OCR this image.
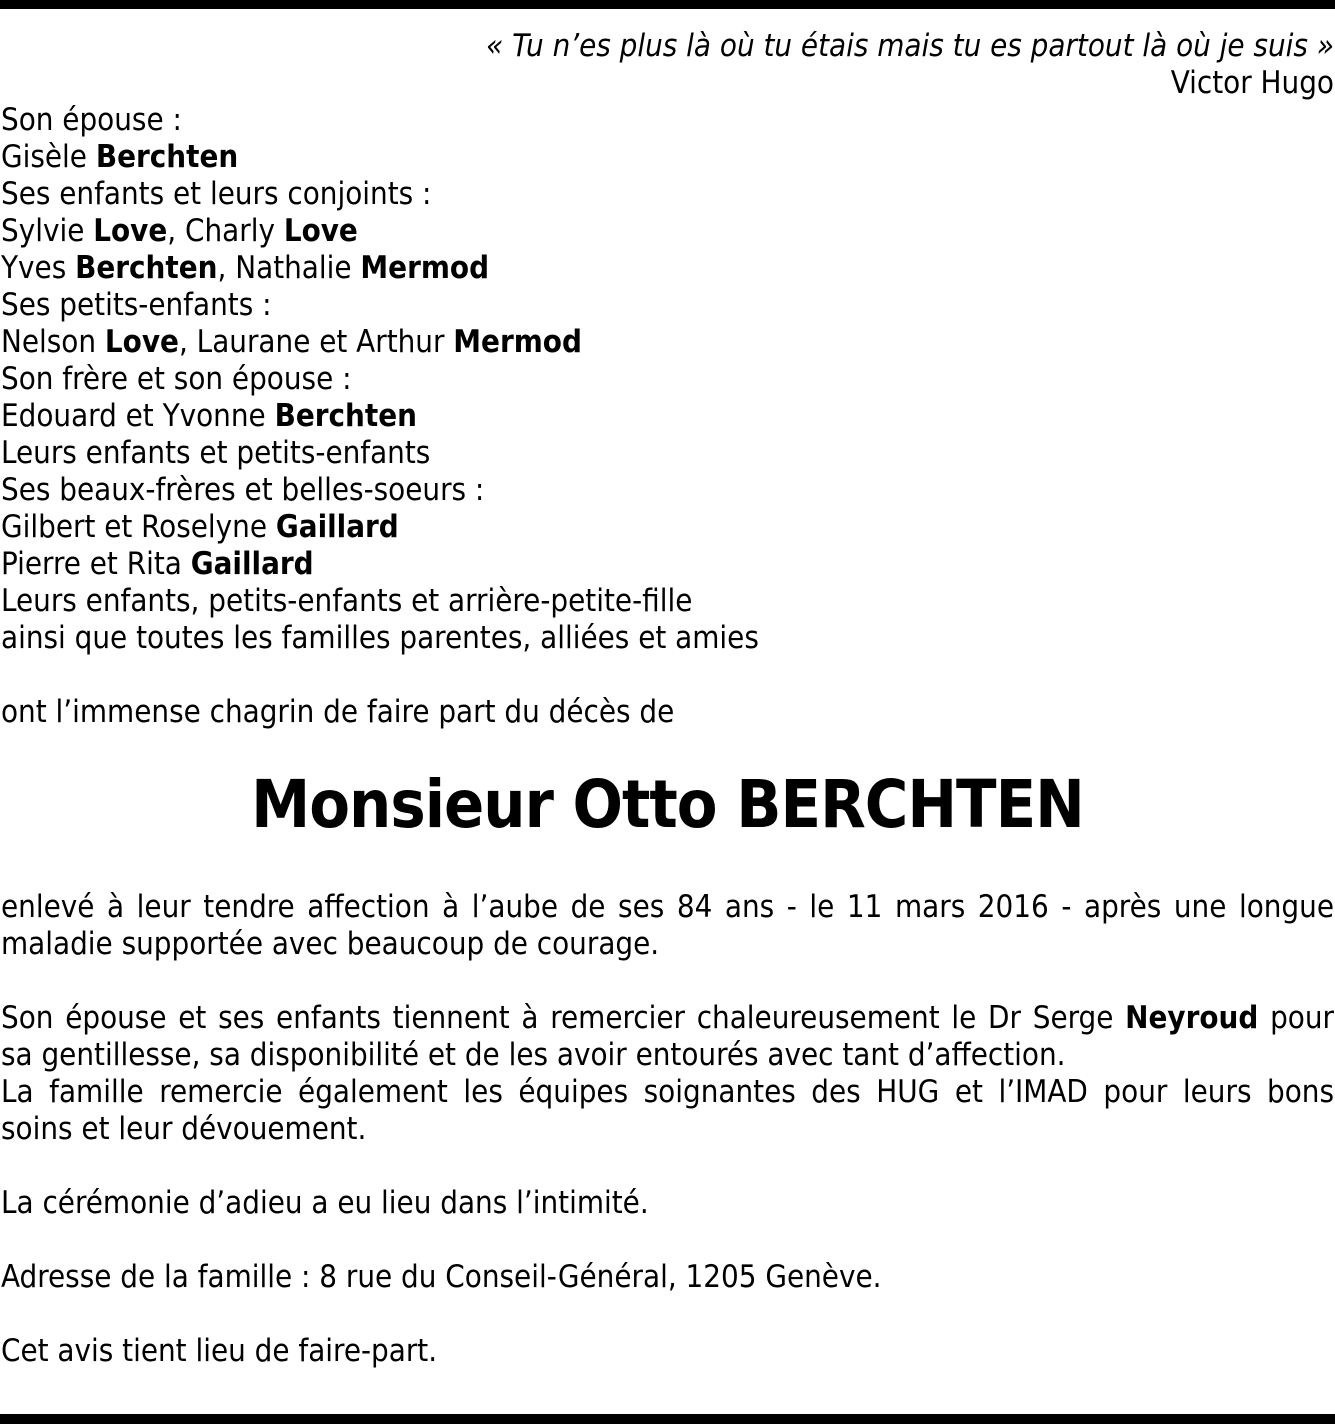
« Tu n’es plus là où tu étais mais tu es partout là où je suis »
Victor Hugo
Son épouse :
Gisèle Berchten
Ses enfants et leurs conjoints :
Sylvie Love, Charly Love
Yves Berchten, Nathalie Mermod
Ses petits-enfants :
Nelson Love, Laurane et Arthur Mermod
Son frère et son épouse :
Edouard et Yvonne Berchten
Leurs enfants et petits-enfants
Ses beaux-frères et belles-soeurs :
Gilbert et Roselyne Gaillard
Pierre et Rita Gaillard
Leurs enfants, petits-enfants et arrière-petite-fille
ainsi que toutes les familles parentes, alliées et amies
ont l’immense chagrin de faire part du décès de
Monsieur Otto BERCHTEN
enlevé à leur tendre affection à l’aube de ses 84 ans - le 11 mars 2016 - après une longue
maladie supportée avec beaucoup de courage.
Son épouse et ses enfants tiennent à remercier chaleureusement le Dr Serge Neyroud pour
sa gentillesse, sa disponibilité et de les avoir entourés avec tant d’affection.
La famille remercie également les équipes soignantes des HUG et l’IMAD pour leurs bons
soins et leur dévouement.
La cérémonie d’adieu a eu lieu dans l’intimité.
Adresse de la famille : 8 rue du Conseil-Général, 1205 Genève.
Cet avis tient lieu de faire-part.
